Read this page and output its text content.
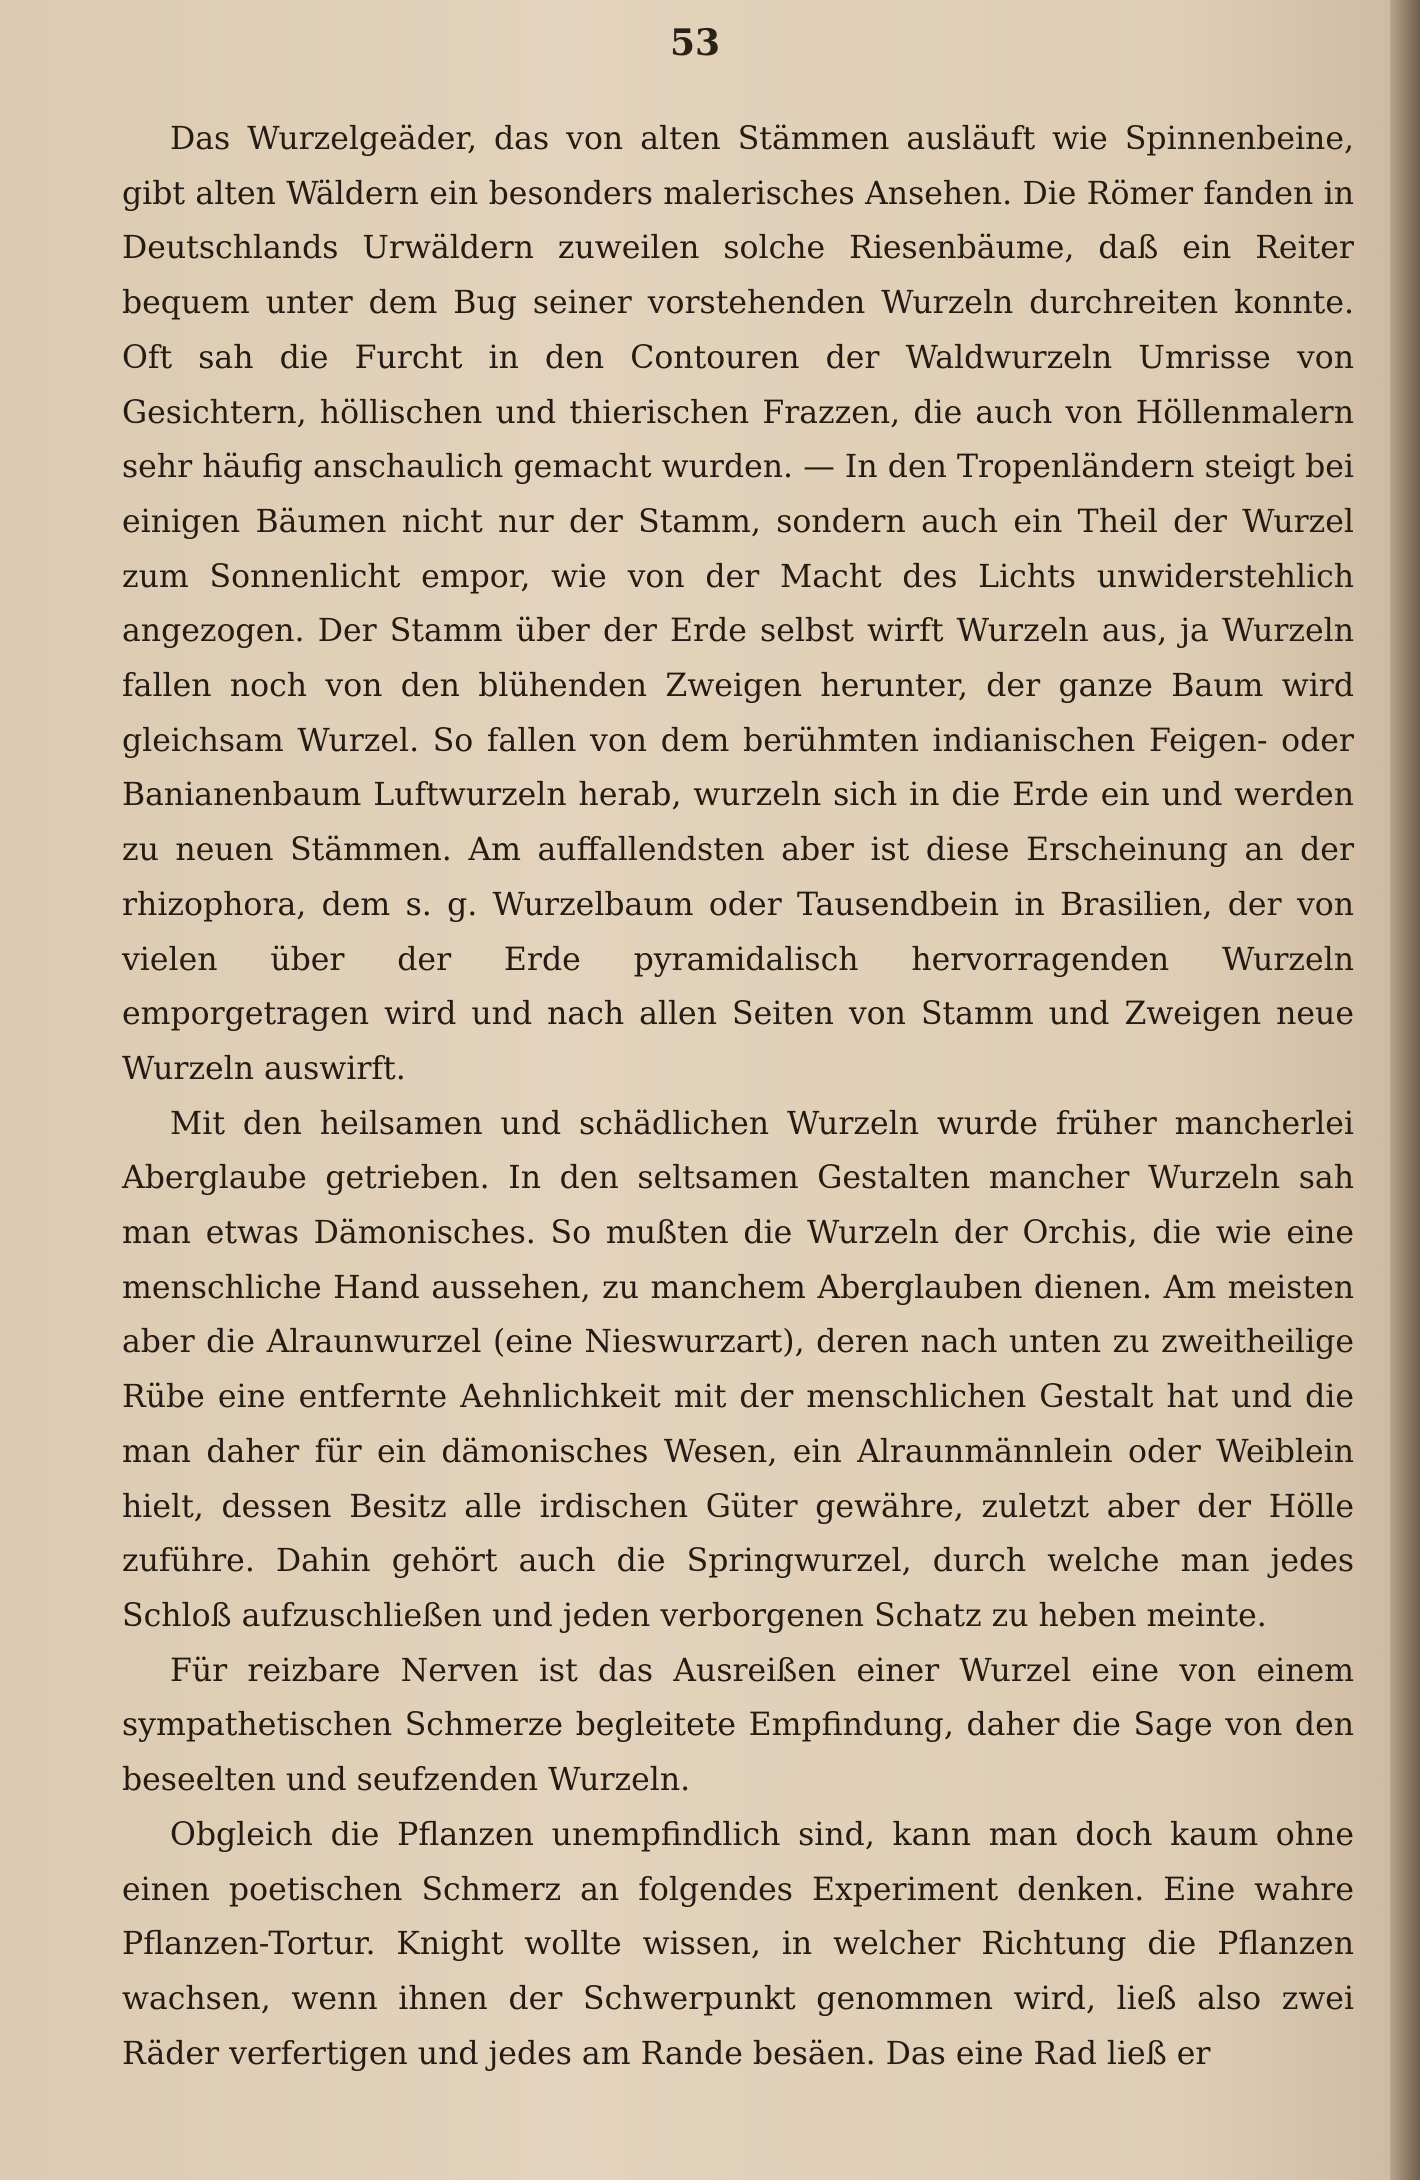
53

Das Wurzelgeäder, das von alten Stämmen ausläuft wie Spinnenbeine, gibt alten Wäldern ein besonders malerisches Ansehen. Die Römer fanden in Deutschlands Urwäldern zuweilen solche Riesenbäume, daß ein Reiter bequem unter dem Bug seiner vorstehenden Wurzeln durchreiten konnte. Oft sah die Furcht in den Contouren der Waldwurzeln Umrisse von Gesichtern, höllischen und thierischen Frazzen, die auch von Höllenmalern sehr häufig anschaulich gemacht wurden. — In den Tropenländern steigt bei einigen Bäumen nicht nur der Stamm, sondern auch ein Theil der Wurzel zum Sonnenlicht empor, wie von der Macht des Lichts unwiderstehlich angezogen. Der Stamm über der Erde selbst wirft Wurzeln aus, ja Wurzeln fallen noch von den blühenden Zweigen herunter, der ganze Baum wird gleichsam Wurzel. So fallen von dem berühmten indianischen Feigen- oder Banianenbaum Luftwurzeln herab, wurzeln sich in die Erde ein und werden zu neuen Stämmen. Am auffallendsten aber ist diese Erscheinung an der rhizophora, dem s. g. Wurzelbaum oder Tausendbein in Brasilien, der von vielen über der Erde pyramidalisch hervorragenden Wurzeln emporgetragen wird und nach allen Seiten von Stamm und Zweigen neue Wurzeln auswirft.

Mit den heilsamen und schädlichen Wurzeln wurde früher mancherlei Aberglaube getrieben. In den seltsamen Gestalten mancher Wurzeln sah man etwas Dämonisches. So mußten die Wurzeln der Orchis, die wie eine menschliche Hand aussehen, zu manchem Aberglauben dienen. Am meisten aber die Alraunwurzel (eine Nieswurzart), deren nach unten zu zweitheilige Rübe eine entfernte Aehnlichkeit mit der menschlichen Gestalt hat und die man daher für ein dämonisches Wesen, ein Alraunmännlein oder Weiblein hielt, dessen Besitz alle irdischen Güter gewähre, zuletzt aber der Hölle zuführe. Dahin gehört auch die Springwurzel, durch welche man jedes Schloß aufzuschließen und jeden verborgenen Schatz zu heben meinte.

Für reizbare Nerven ist das Ausreißen einer Wurzel eine von einem sympathetischen Schmerze begleitete Empfindung, daher die Sage von den beseelten und seufzenden Wurzeln.

Obgleich die Pflanzen unempfindlich sind, kann man doch kaum ohne einen poetischen Schmerz an folgendes Experiment denken. Eine wahre Pflanzen-Tortur. Knight wollte wissen, in welcher Richtung die Pflanzen wachsen, wenn ihnen der Schwerpunkt genommen wird, ließ also zwei Räder verfertigen und jedes am Rande besäen. Das eine Rad ließ er
